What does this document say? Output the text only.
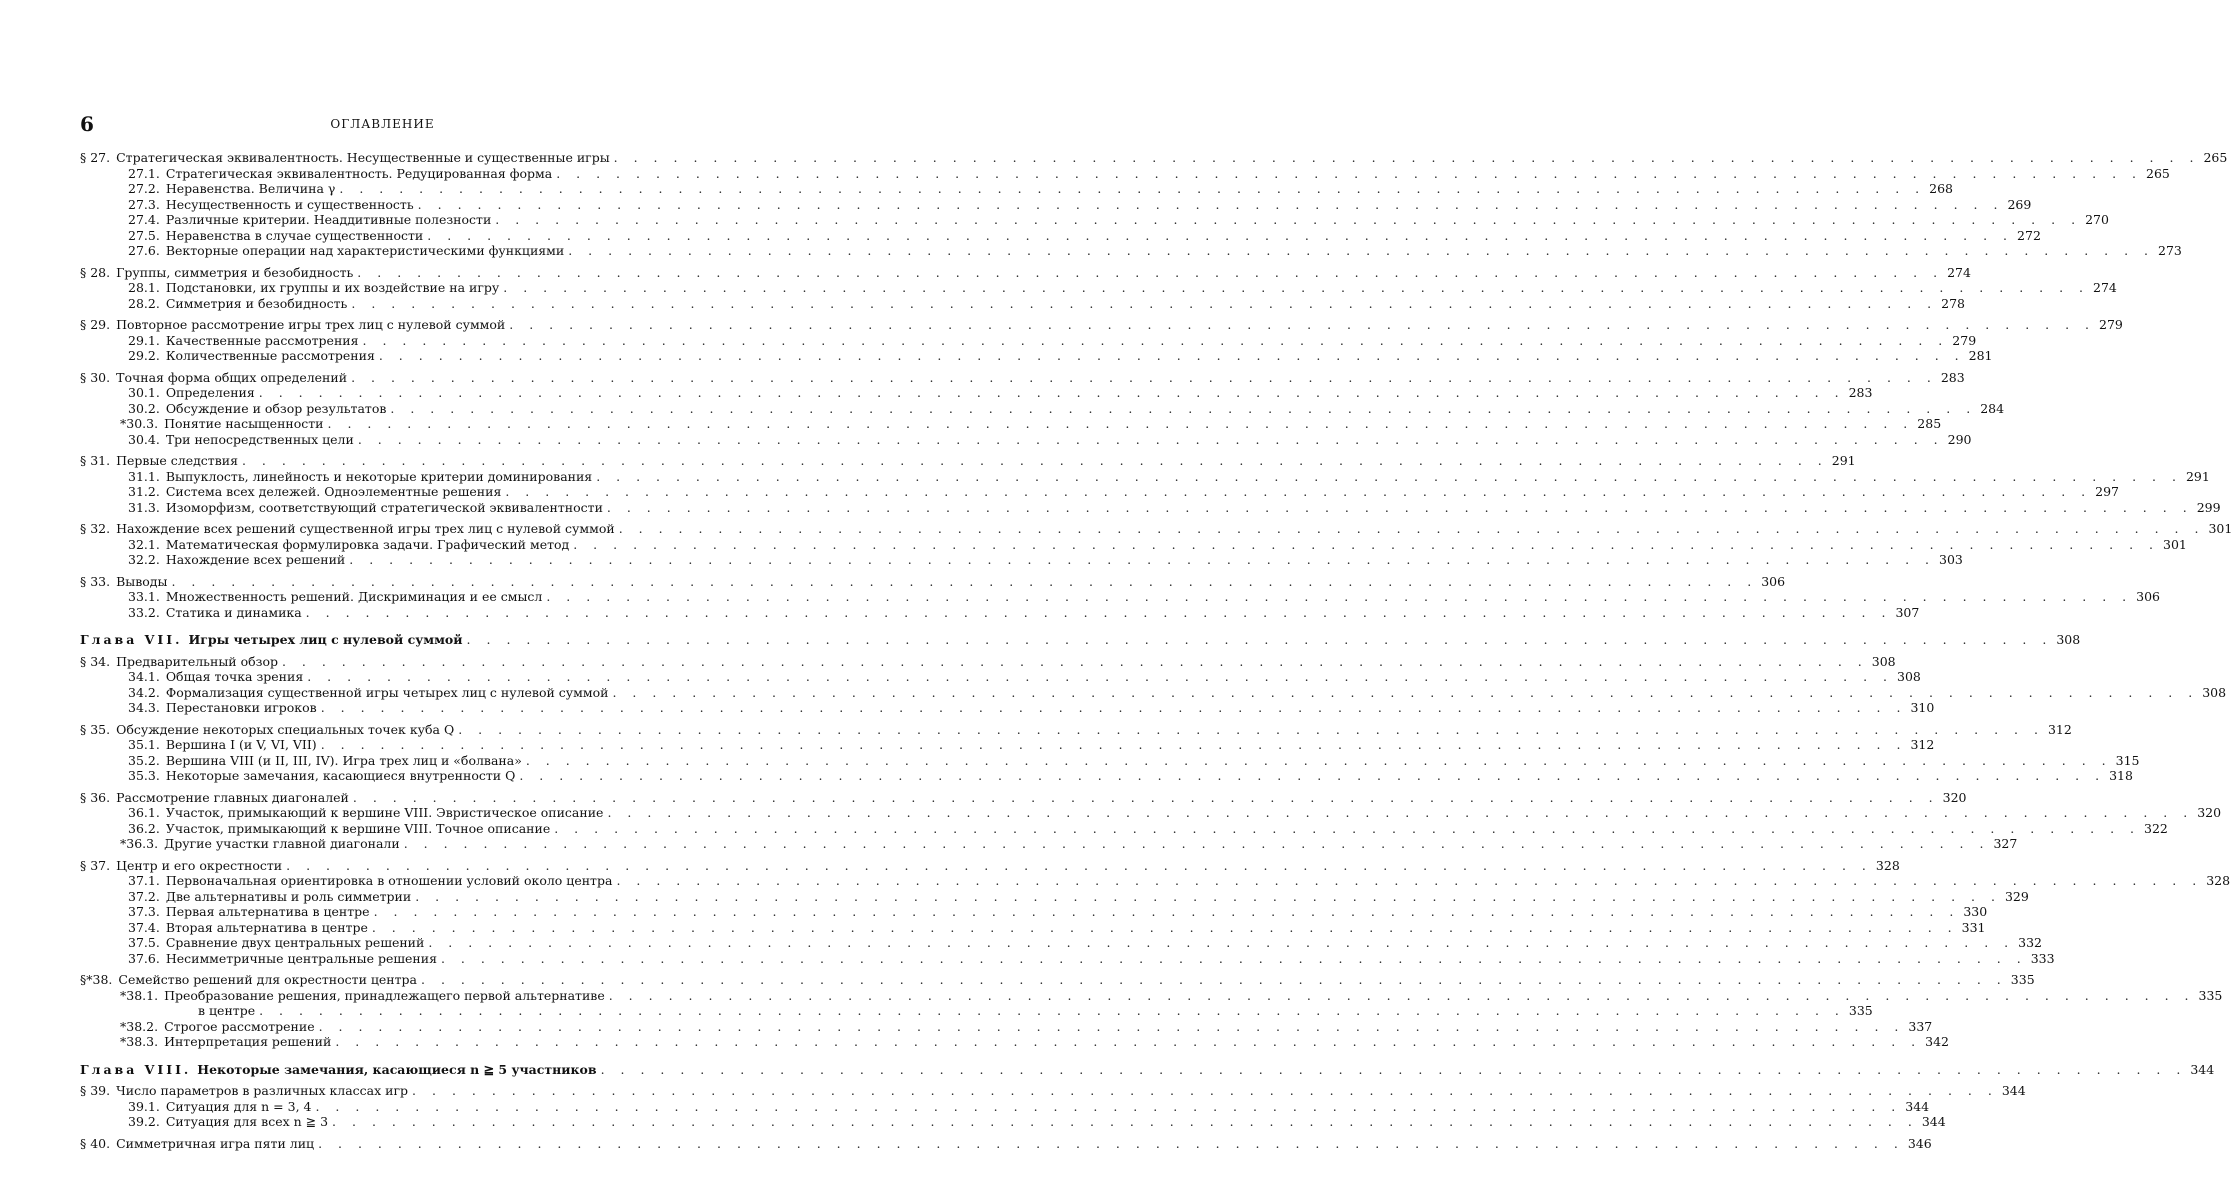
6	ОГЛАВЛЕНИЕ
§ 27. Стратегическая эквивалентность. Несущественные и существенные игры . . . . . . . . . . . . . . . . . . . . . . . . . . . . . . . . . . . . . . . . . . . . . . . . . . . . . . . . . . . . . . . . . . . . . . . . . . . . . . . . 265
27.1. Стратегическая эквивалентность. Редуцированная форма . . . . . . . . . . . . . . . . . . . . . . . . . . . . . . . . . . . . . . . . . . . . . . . . . . . . . . . . . . . . . . . . . . . . . . . . . . . . . . . . 265
27.2. Неравенства. Величина γ . . . . . . . . . . . . . . . . . . . . . . . . . . . . . . . . . . . . . . . . . . . . . . . . . . . . . . . . . . . . . . . . . . . . . . . . . . . . . . . . 268
27.3. Несущественность и существенность . . . . . . . . . . . . . . . . . . . . . . . . . . . . . . . . . . . . . . . . . . . . . . . . . . . . . . . . . . . . . . . . . . . . . . . . . . . . . . . . 269
27.4. Различные критерии. Неаддитивные полезности . . . . . . . . . . . . . . . . . . . . . . . . . . . . . . . . . . . . . . . . . . . . . . . . . . . . . . . . . . . . . . . . . . . . . . . . . . . . . . . . 270
27.5. Неравенства в случае существенности . . . . . . . . . . . . . . . . . . . . . . . . . . . . . . . . . . . . . . . . . . . . . . . . . . . . . . . . . . . . . . . . . . . . . . . . . . . . . . . . 272
27.6. Векторные операции над характеристическими функциями . . . . . . . . . . . . . . . . . . . . . . . . . . . . . . . . . . . . . . . . . . . . . . . . . . . . . . . . . . . . . . . . . . . . . . . . . . . . . . . . 273
§ 28. Группы, симметрия и безобидность . . . . . . . . . . . . . . . . . . . . . . . . . . . . . . . . . . . . . . . . . . . . . . . . . . . . . . . . . . . . . . . . . . . . . . . . . . . . . . . . 274
28.1. Подстановки, их группы и их воздействие на игру . . . . . . . . . . . . . . . . . . . . . . . . . . . . . . . . . . . . . . . . . . . . . . . . . . . . . . . . . . . . . . . . . . . . . . . . . . . . . . . . 274
28.2. Симметрия и безобидность . . . . . . . . . . . . . . . . . . . . . . . . . . . . . . . . . . . . . . . . . . . . . . . . . . . . . . . . . . . . . . . . . . . . . . . . . . . . . . . . 278
§ 29. Повторное рассмотрение игры трех лиц с нулевой суммой . . . . . . . . . . . . . . . . . . . . . . . . . . . . . . . . . . . . . . . . . . . . . . . . . . . . . . . . . . . . . . . . . . . . . . . . . . . . . . . . 279
29.1. Качественные рассмотрения . . . . . . . . . . . . . . . . . . . . . . . . . . . . . . . . . . . . . . . . . . . . . . . . . . . . . . . . . . . . . . . . . . . . . . . . . . . . . . . . 279
29.2. Количественные рассмотрения . . . . . . . . . . . . . . . . . . . . . . . . . . . . . . . . . . . . . . . . . . . . . . . . . . . . . . . . . . . . . . . . . . . . . . . . . . . . . . . . 281
§ 30. Точная форма общих определений . . . . . . . . . . . . . . . . . . . . . . . . . . . . . . . . . . . . . . . . . . . . . . . . . . . . . . . . . . . . . . . . . . . . . . . . . . . . . . . . 283
30.1. Определения . . . . . . . . . . . . . . . . . . . . . . . . . . . . . . . . . . . . . . . . . . . . . . . . . . . . . . . . . . . . . . . . . . . . . . . . . . . . . . . . 283
30.2. Обсуждение и обзор результатов . . . . . . . . . . . . . . . . . . . . . . . . . . . . . . . . . . . . . . . . . . . . . . . . . . . . . . . . . . . . . . . . . . . . . . . . . . . . . . . . 284
*30.3. Понятие насыщенности . . . . . . . . . . . . . . . . . . . . . . . . . . . . . . . . . . . . . . . . . . . . . . . . . . . . . . . . . . . . . . . . . . . . . . . . . . . . . . . . 285
30.4. Три непосредственных цели . . . . . . . . . . . . . . . . . . . . . . . . . . . . . . . . . . . . . . . . . . . . . . . . . . . . . . . . . . . . . . . . . . . . . . . . . . . . . . . . 290
§ 31. Первые следствия . . . . . . . . . . . . . . . . . . . . . . . . . . . . . . . . . . . . . . . . . . . . . . . . . . . . . . . . . . . . . . . . . . . . . . . . . . . . . . . . 291
31.1. Выпуклость, линейность и некоторые критерии доминирования . . . . . . . . . . . . . . . . . . . . . . . . . . . . . . . . . . . . . . . . . . . . . . . . . . . . . . . . . . . . . . . . . . . . . . . . . . . . . . . . 291
31.2. Система всех дележей. Одноэлементные решения . . . . . . . . . . . . . . . . . . . . . . . . . . . . . . . . . . . . . . . . . . . . . . . . . . . . . . . . . . . . . . . . . . . . . . . . . . . . . . . . 297
31.3. Изоморфизм, соответствующий стратегической эквивалентности . . . . . . . . . . . . . . . . . . . . . . . . . . . . . . . . . . . . . . . . . . . . . . . . . . . . . . . . . . . . . . . . . . . . . . . . . . . . . . . . 299
§ 32. Нахождение всех решений существенной игры трех лиц с нулевой суммой . . . . . . . . . . . . . . . . . . . . . . . . . . . . . . . . . . . . . . . . . . . . . . . . . . . . . . . . . . . . . . . . . . . . . . . . . . . . . . . . 301
32.1. Математическая формулировка задачи. Графический метод . . . . . . . . . . . . . . . . . . . . . . . . . . . . . . . . . . . . . . . . . . . . . . . . . . . . . . . . . . . . . . . . . . . . . . . . . . . . . . . . 301
32.2. Нахождение всех решений . . . . . . . . . . . . . . . . . . . . . . . . . . . . . . . . . . . . . . . . . . . . . . . . . . . . . . . . . . . . . . . . . . . . . . . . . . . . . . . . 303
§ 33. Выводы . . . . . . . . . . . . . . . . . . . . . . . . . . . . . . . . . . . . . . . . . . . . . . . . . . . . . . . . . . . . . . . . . . . . . . . . . . . . . . . . 306
33.1. Множественность решений. Дискриминация и ее смысл . . . . . . . . . . . . . . . . . . . . . . . . . . . . . . . . . . . . . . . . . . . . . . . . . . . . . . . . . . . . . . . . . . . . . . . . . . . . . . . . 306
33.2. Статика и динамика . . . . . . . . . . . . . . . . . . . . . . . . . . . . . . . . . . . . . . . . . . . . . . . . . . . . . . . . . . . . . . . . . . . . . . . . . . . . . . . . 307
Глава VII. Игры четырех лиц с нулевой суммой . . . . . . . . . . . . . . . . . . . . . . . . . . . . . . . . . . . . . . . . . . . . . . . . . . . . . . . . . . . . . . . . . . . . . . . . . . . . . . . . 308
§ 34. Предварительный обзор . . . . . . . . . . . . . . . . . . . . . . . . . . . . . . . . . . . . . . . . . . . . . . . . . . . . . . . . . . . . . . . . . . . . . . . . . . . . . . . . 308
34.1. Общая точка зрения . . . . . . . . . . . . . . . . . . . . . . . . . . . . . . . . . . . . . . . . . . . . . . . . . . . . . . . . . . . . . . . . . . . . . . . . . . . . . . . . 308
34.2. Формализация существенной игры четырех лиц с нулевой суммой . . . . . . . . . . . . . . . . . . . . . . . . . . . . . . . . . . . . . . . . . . . . . . . . . . . . . . . . . . . . . . . . . . . . . . . . . . . . . . . . 308
34.3. Перестановки игроков . . . . . . . . . . . . . . . . . . . . . . . . . . . . . . . . . . . . . . . . . . . . . . . . . . . . . . . . . . . . . . . . . . . . . . . . . . . . . . . . 310
§ 35. Обсуждение некоторых специальных точек куба Q . . . . . . . . . . . . . . . . . . . . . . . . . . . . . . . . . . . . . . . . . . . . . . . . . . . . . . . . . . . . . . . . . . . . . . . . . . . . . . . . 312
35.1. Вершина I (и V, VI, VII) . . . . . . . . . . . . . . . . . . . . . . . . . . . . . . . . . . . . . . . . . . . . . . . . . . . . . . . . . . . . . . . . . . . . . . . . . . . . . . . . 312
35.2. Вершина VIII (и II, III, IV). Игра трех лиц и «болвана» . . . . . . . . . . . . . . . . . . . . . . . . . . . . . . . . . . . . . . . . . . . . . . . . . . . . . . . . . . . . . . . . . . . . . . . . . . . . . . . . 315
35.3. Некоторые замечания, касающиеся внутренности Q . . . . . . . . . . . . . . . . . . . . . . . . . . . . . . . . . . . . . . . . . . . . . . . . . . . . . . . . . . . . . . . . . . . . . . . . . . . . . . . . 318
§ 36. Рассмотрение главных диагоналей . . . . . . . . . . . . . . . . . . . . . . . . . . . . . . . . . . . . . . . . . . . . . . . . . . . . . . . . . . . . . . . . . . . . . . . . . . . . . . . . 320
36.1. Участок, примыкающий к вершине VIII. Эвристическое описание . . . . . . . . . . . . . . . . . . . . . . . . . . . . . . . . . . . . . . . . . . . . . . . . . . . . . . . . . . . . . . . . . . . . . . . . . . . . . . . . 320
36.2. Участок, примыкающий к вершине VIII. Точное описание . . . . . . . . . . . . . . . . . . . . . . . . . . . . . . . . . . . . . . . . . . . . . . . . . . . . . . . . . . . . . . . . . . . . . . . . . . . . . . . . 322
*36.3. Другие участки главной диагонали . . . . . . . . . . . . . . . . . . . . . . . . . . . . . . . . . . . . . . . . . . . . . . . . . . . . . . . . . . . . . . . . . . . . . . . . . . . . . . . . 327
§ 37. Центр и его окрестности . . . . . . . . . . . . . . . . . . . . . . . . . . . . . . . . . . . . . . . . . . . . . . . . . . . . . . . . . . . . . . . . . . . . . . . . . . . . . . . . 328
37.1. Первоначальная ориентировка в отношении условий около центра . . . . . . . . . . . . . . . . . . . . . . . . . . . . . . . . . . . . . . . . . . . . . . . . . . . . . . . . . . . . . . . . . . . . . . . . . . . . . . . . 328
37.2. Две альтернативы и роль симметрии . . . . . . . . . . . . . . . . . . . . . . . . . . . . . . . . . . . . . . . . . . . . . . . . . . . . . . . . . . . . . . . . . . . . . . . . . . . . . . . . 329
37.3. Первая альтернатива в центре . . . . . . . . . . . . . . . . . . . . . . . . . . . . . . . . . . . . . . . . . . . . . . . . . . . . . . . . . . . . . . . . . . . . . . . . . . . . . . . . 330
37.4. Вторая альтернатива в центре . . . . . . . . . . . . . . . . . . . . . . . . . . . . . . . . . . . . . . . . . . . . . . . . . . . . . . . . . . . . . . . . . . . . . . . . . . . . . . . . 331
37.5. Сравнение двух центральных решений . . . . . . . . . . . . . . . . . . . . . . . . . . . . . . . . . . . . . . . . . . . . . . . . . . . . . . . . . . . . . . . . . . . . . . . . . . . . . . . . 332
37.6. Несимметричные центральные решения . . . . . . . . . . . . . . . . . . . . . . . . . . . . . . . . . . . . . . . . . . . . . . . . . . . . . . . . . . . . . . . . . . . . . . . . . . . . . . . . 333
§*38. Семейство решений для окрестности центра . . . . . . . . . . . . . . . . . . . . . . . . . . . . . . . . . . . . . . . . . . . . . . . . . . . . . . . . . . . . . . . . . . . . . . . . . . . . . . . . 335
*38.1. Преобразование решения, принадлежащего первой альтернативе . . . . . . . . . . . . . . . . . . . . . . . . . . . . . . . . . . . . . . . . . . . . . . . . . . . . . . . . . . . . . . . . . . . . . . . . . . . . . . . . 335
в центре . . . . . . . . . . . . . . . . . . . . . . . . . . . . . . . . . . . . . . . . . . . . . . . . . . . . . . . . . . . . . . . . . . . . . . . . . . . . . . . . 335
*38.2. Строгое рассмотрение . . . . . . . . . . . . . . . . . . . . . . . . . . . . . . . . . . . . . . . . . . . . . . . . . . . . . . . . . . . . . . . . . . . . . . . . . . . . . . . . 337
*38.3. Интерпретация решений . . . . . . . . . . . . . . . . . . . . . . . . . . . . . . . . . . . . . . . . . . . . . . . . . . . . . . . . . . . . . . . . . . . . . . . . . . . . . . . . 342
Глава VIII. Некоторые замечания, касающиеся n ≧ 5 участников . . . . . . . . . . . . . . . . . . . . . . . . . . . . . . . . . . . . . . . . . . . . . . . . . . . . . . . . . . . . . . . . . . . . . . . . . . . . . . . . 344
§ 39. Число параметров в различных классах игр . . . . . . . . . . . . . . . . . . . . . . . . . . . . . . . . . . . . . . . . . . . . . . . . . . . . . . . . . . . . . . . . . . . . . . . . . . . . . . . . 344
39.1. Ситуация для n = 3, 4 . . . . . . . . . . . . . . . . . . . . . . . . . . . . . . . . . . . . . . . . . . . . . . . . . . . . . . . . . . . . . . . . . . . . . . . . . . . . . . . . 344
39.2. Ситуация для всех n ≧ 3 . . . . . . . . . . . . . . . . . . . . . . . . . . . . . . . . . . . . . . . . . . . . . . . . . . . . . . . . . . . . . . . . . . . . . . . . . . . . . . . . 344
§ 40. Симметричная игра пяти лиц . . . . . . . . . . . . . . . . . . . . . . . . . . . . . . . . . . . . . . . . . . . . . . . . . . . . . . . . . . . . . . . . . . . . . . . . . . . . . . . . 346
